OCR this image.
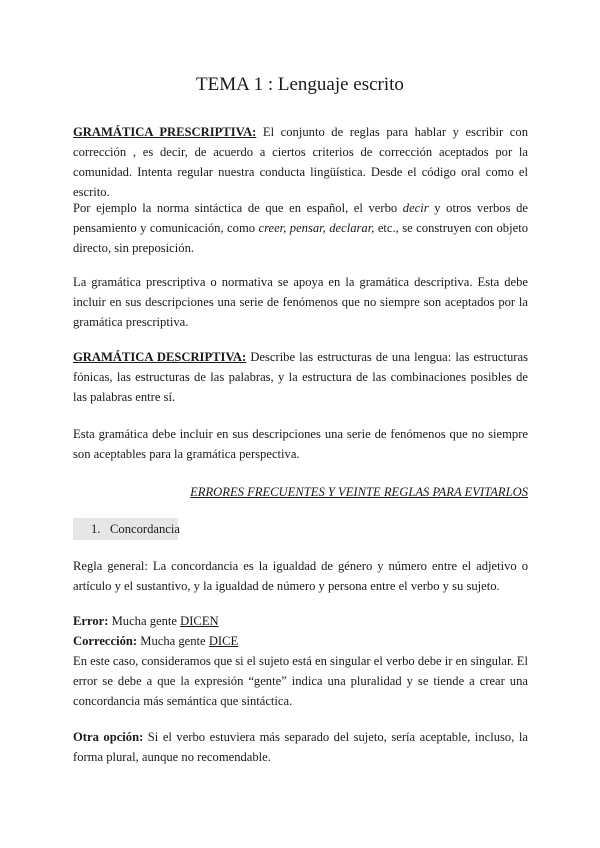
TEMA 1 : Lenguaje escrito

GRAMÁTICA PRESCRIPTIVA: El conjunto de reglas para hablar y escribir con corrección , es decir, de acuerdo a ciertos criterios de corrección aceptados por la comunidad. Intenta regular nuestra conducta lingüística. Desde el código oral como el escrito.

Por ejemplo la norma sintáctica de que en español, el verbo decir y otros verbos de pensamiento y comunicación, como creer, pensar, declarar, etc., se construyen con objeto directo, sin preposición.

La gramática prescriptiva o normativa se apoya en la gramática descriptiva. Esta debe incluir en sus descripciones una serie de fenómenos que no siempre son aceptados por la gramática prescriptiva.

GRAMÁTICA DESCRIPTIVA: Describe las estructuras de una lengua: las estructuras fónicas, las estructuras de las palabras, y la estructura de las combinaciones posibles de las palabras entre sí.

Esta gramática debe incluir en sus descripciones una serie de fenómenos que no siempre son aceptables para la gramática perspectiva.

ERRORES FRECUENTES Y VEINTE REGLAS PARA EVITARLOS
1. Concordancia

Regla general: La concordancia es la igualdad de género y número entre el adjetivo o artículo y el sustantivo, y la igualdad de número y persona entre el verbo y su sujeto.

Error: Mucha gente DICEN
Corrección: Mucha gente DICE
En este caso, consideramos que si el sujeto está en singular el verbo debe ir en singular. El error se debe a que la expresión “gente” indica una pluralidad y se tiende a crear una concordancia más semántica que sintáctica.

Otra opción: Si el verbo estuviera más separado del sujeto, sería aceptable, incluso, la forma plural, aunque no recomendable.
